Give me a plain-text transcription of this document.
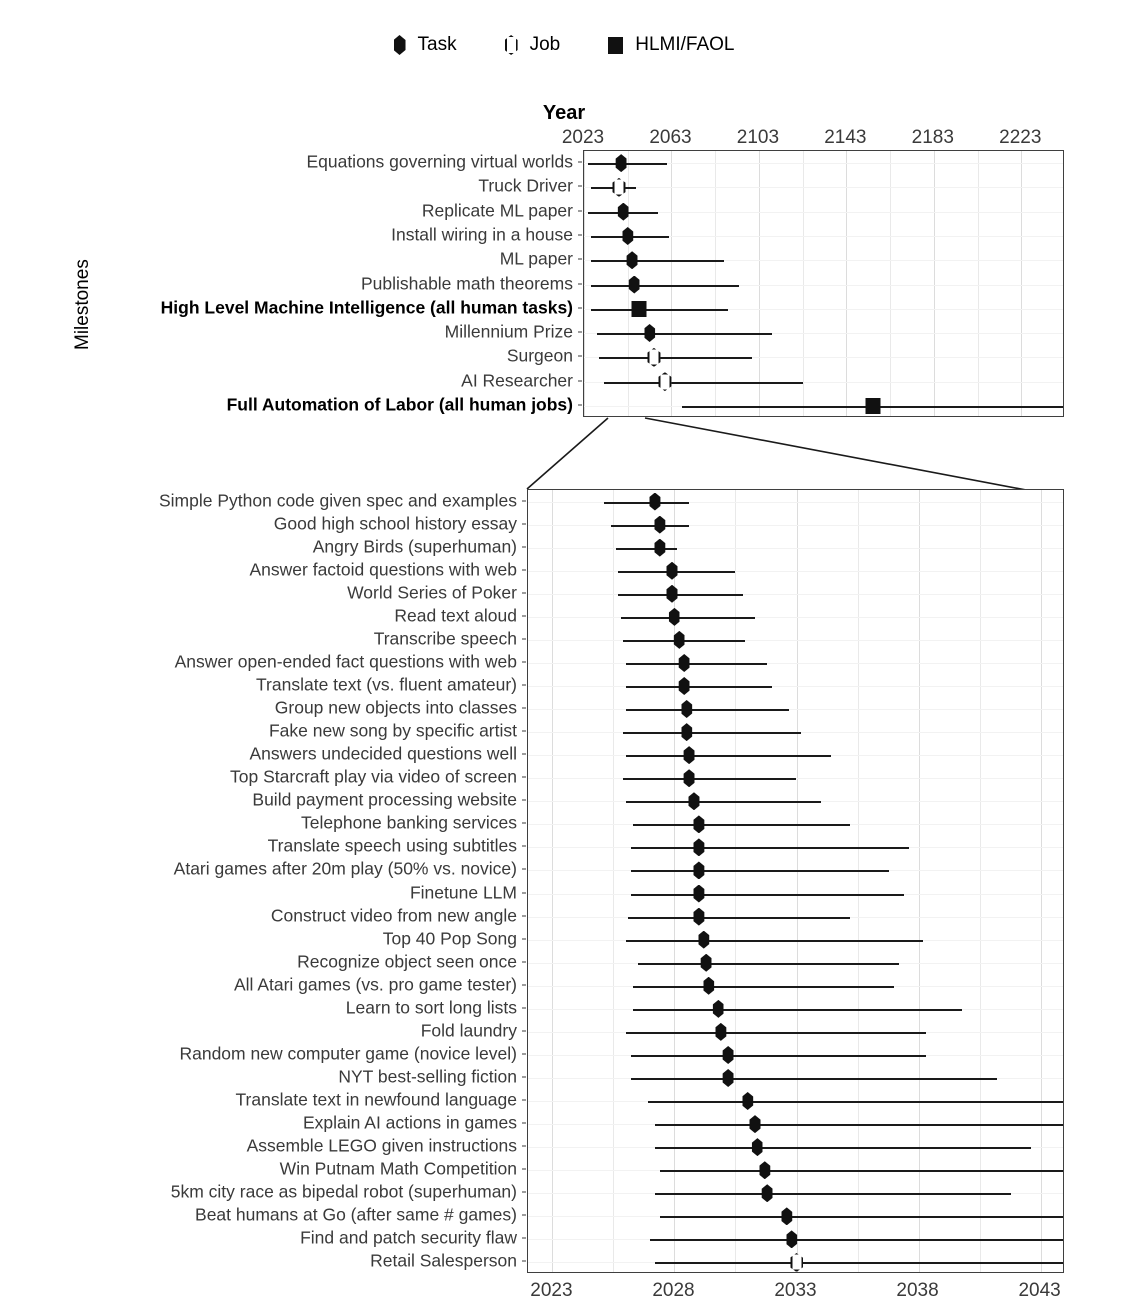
Task	Job	HLMI/FAOL
Year
Milestones
Full Automation of Labor (all human jobs)
AI Researcher
Surgeon
Millennium Prize
High Level Machine Intelligence (all human tasks)
Publishable math theorems
ML paper
Install wiring in a house
Replicate ML paper
Truck Driver
Equations governing virtual worlds
2023 2063 2103 2143 2183 2223
Retail Salesperson
Find and patch security flaw
Beat humans at Go (after same # games)
5km city race as bipedal robot (superhuman)
Win Putnam Math Competition
Assemble LEGO given instructions
Explain AI actions in games
Translate text in newfound language
NYT best-selling fiction
Random new computer game (novice level)
Fold laundry
Learn to sort long lists
All Atari games (vs. pro game tester)
Recognize object seen once
Top 40 Pop Song
Construct video from new angle
Finetune LLM
Atari games after 20m play (50% vs. novice)
Translate speech using subtitles
Telephone banking services
Build payment processing website
Top Starcraft play via video of screen
Answers undecided questions well
Fake new song by specific artist
Group new objects into classes
Translate text (vs. fluent amateur)
Answer open-ended fact questions with web
Transcribe speech
Read text aloud
World Series of Poker
Answer factoid questions with web
Angry Birds (superhuman)
Good high school history essay
Simple Python code given spec and examples
2023	2028	2033	2038	2043
